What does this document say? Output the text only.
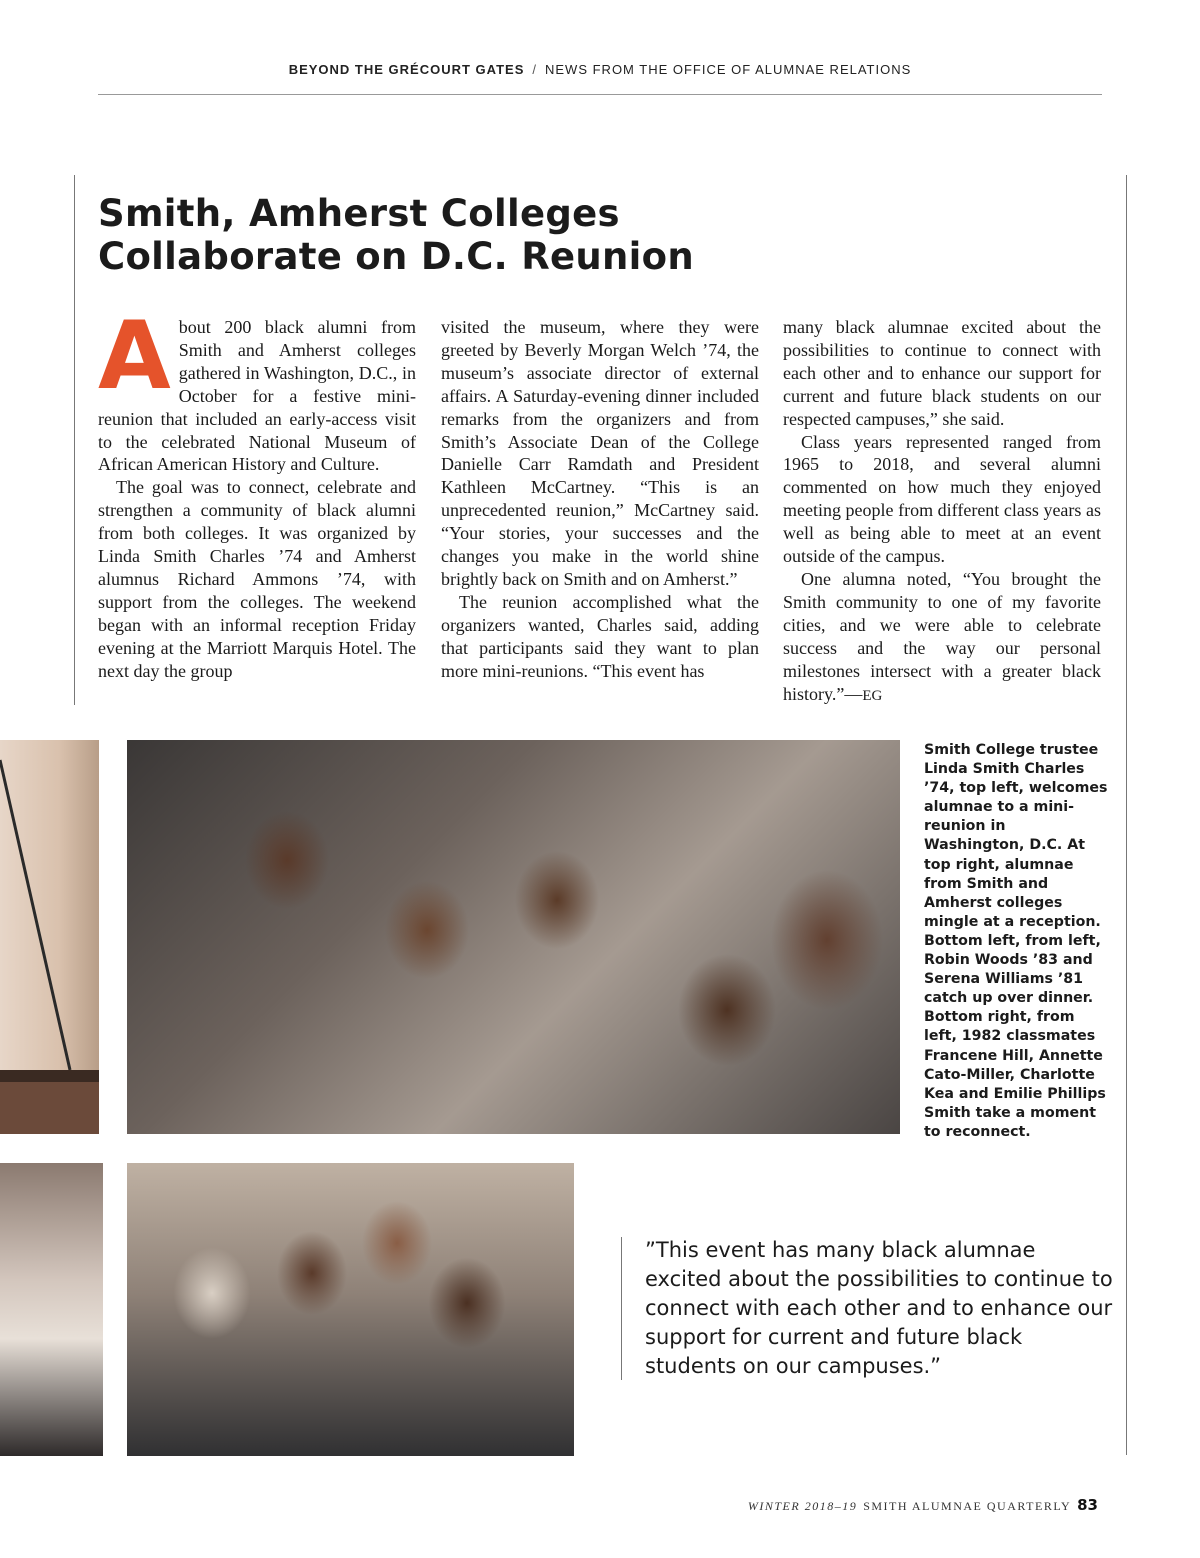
BEYOND THE GRÉCOURT GATES / NEWS FROM THE OFFICE OF ALUMNAE RELATIONS
Smith, Amherst Colleges
Collaborate on D.C. Reunion

About 200 black alumni from Smith and Amherst colleges gathered in Washington, D.C., in October for a festive mini-reunion that included an early-access visit to the celebrated National Museum of African American History and Culture.

The goal was to connect, celebrate and strengthen a community of black alumni from both colleges. It was organized by Linda Smith Charles ’74 and Amherst alumnus Richard Ammons ’74, with support from the colleges. The weekend began with an informal reception Friday evening at the Marriott Marquis Hotel. The next day the group

visited the museum, where they were greeted by Beverly Morgan Welch ’74, the museum’s associate director of external affairs. A Saturday-evening dinner included remarks from the organizers and from Smith’s Associate Dean of the College Danielle Carr Ramdath and President Kathleen McCartney. “This is an unprecedented reunion,” McCartney said. “Your stories, your successes and the changes you make in the world shine brightly back on Smith and on Amherst.”

The reunion accomplished what the organizers wanted, Charles said, adding that participants said they want to plan more mini-reunions. “This event has

many black alumnae excited about the possibilities to continue to connect with each other and to enhance our support for current and future black students on our respected campuses,” she said.

Class years represented ranged from 1965 to 2018, and several alumni commented on how much they enjoyed meeting people from different class years as well as being able to meet at an event outside of the campus.

One alumna noted, “You brought the Smith community to one of my favorite cities, and we were able to celebrate success and the way our personal milestones intersect with a greater black history.”—EG

Smith College trustee Linda Smith Charles ’74, top left, welcomes alumnae to a mini-reunion in Washington, D.C. At top right, alumnae from Smith and Amherst colleges mingle at a reception. Bottom left, from left, Robin Woods ’83 and Serena Williams ’81 catch up over dinner. Bottom right, from left, 1982 classmates Francene Hill, Annette Cato-Miller, Charlotte Kea and Emilie Phillips Smith take a moment to reconnect.

”This event has many black alumnae excited about the possibilities to continue to connect with each other and to enhance our support for current and future black students on our campuses.”

WINTER 2018–19 SMITH ALUMNAE QUARTERLY 83
